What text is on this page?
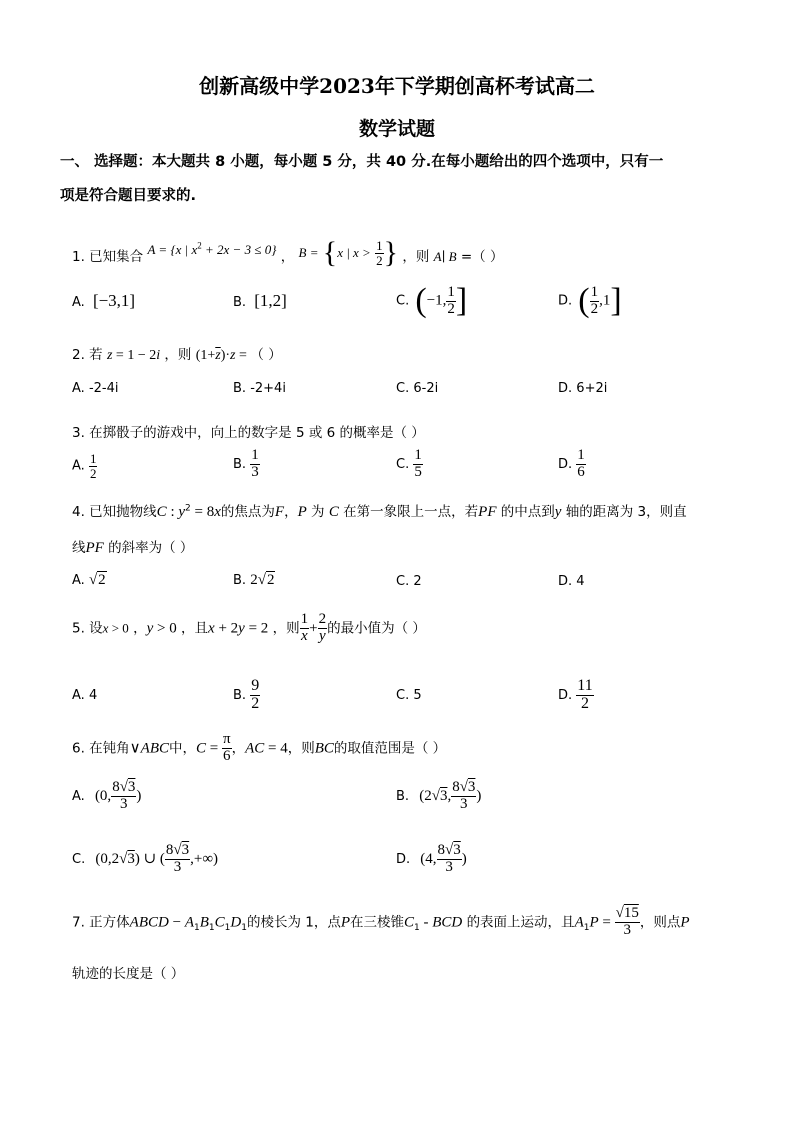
创新高级中学2023年下学期创高杯考试高二
数学试题
一、 选择题：本大题共 8 小题，每小题 5 分，共 40 分.在每小题给出的四个选项中，只有一
项是符合题目要求的.
1. 已知集合 A = {x | $x^2 + 2x - 3 \le 0$} ， B = {x | $x > \frac{1}{2}$ } ，则 A∣ B =（ ）
A. [−3,1]	B. [1,2]	C. (−1, $\frac{1}{2}$ ]	D. ( $\frac{1}{2} ,1$]
2. 若 z = 1 − 2i ，则 $(1+\overline{z})\cdot z$ = （ ）
A. -2-4i	B. -2+4i	C. 6-2i	D. 6+2i
3. 在掷骰子的游戏中，向上的数字是 5 或 6 的概率是（ ）
A. $\frac{1}{2}$	B. $\frac{1}{3}$	C. $\frac{1}{5}$	D. $\frac{1}{6}$
4. 已知抛物线C : $y^2 = 8x$的焦点为F，P 为 C 在第一象限上一点，若PF 的中点到y 轴的距离为 3，则直
线PF 的斜率为（ ）
A. √2	B. 2√2	C. 2	D. 4
5. 设x > 0 ，y > 0 ，且x + 2y = 2 ，则 $\frac{1}{x} + \frac{2}{y}$ 的最小值为（ ）
A. 4	B. $\frac{9}{2}$	C. 5	D. $\frac{11}{2}$
6. 在钝角∨ABC中，$C = \frac{\pi}{6}$ ，AC = 4，则BC的取值范围是（ ）
A. (0, $\frac{8√3}{3}$ )	B. (2√3, $\frac{8√3}{3}$ )
C. (0,2√3) ∪ ( $\frac{8√3}{3}$ ,+∞)	D. (4, $\frac{8√3}{3}$ )
7. 正方体ABCD − $A_1B_1C_1D_1$的棱长为 1，点P在三棱锥$C_1$ - BCD 的表面上运动，且$A_1P = \frac{√15}{3}$ ，则点P
轨迹的长度是（ ）
